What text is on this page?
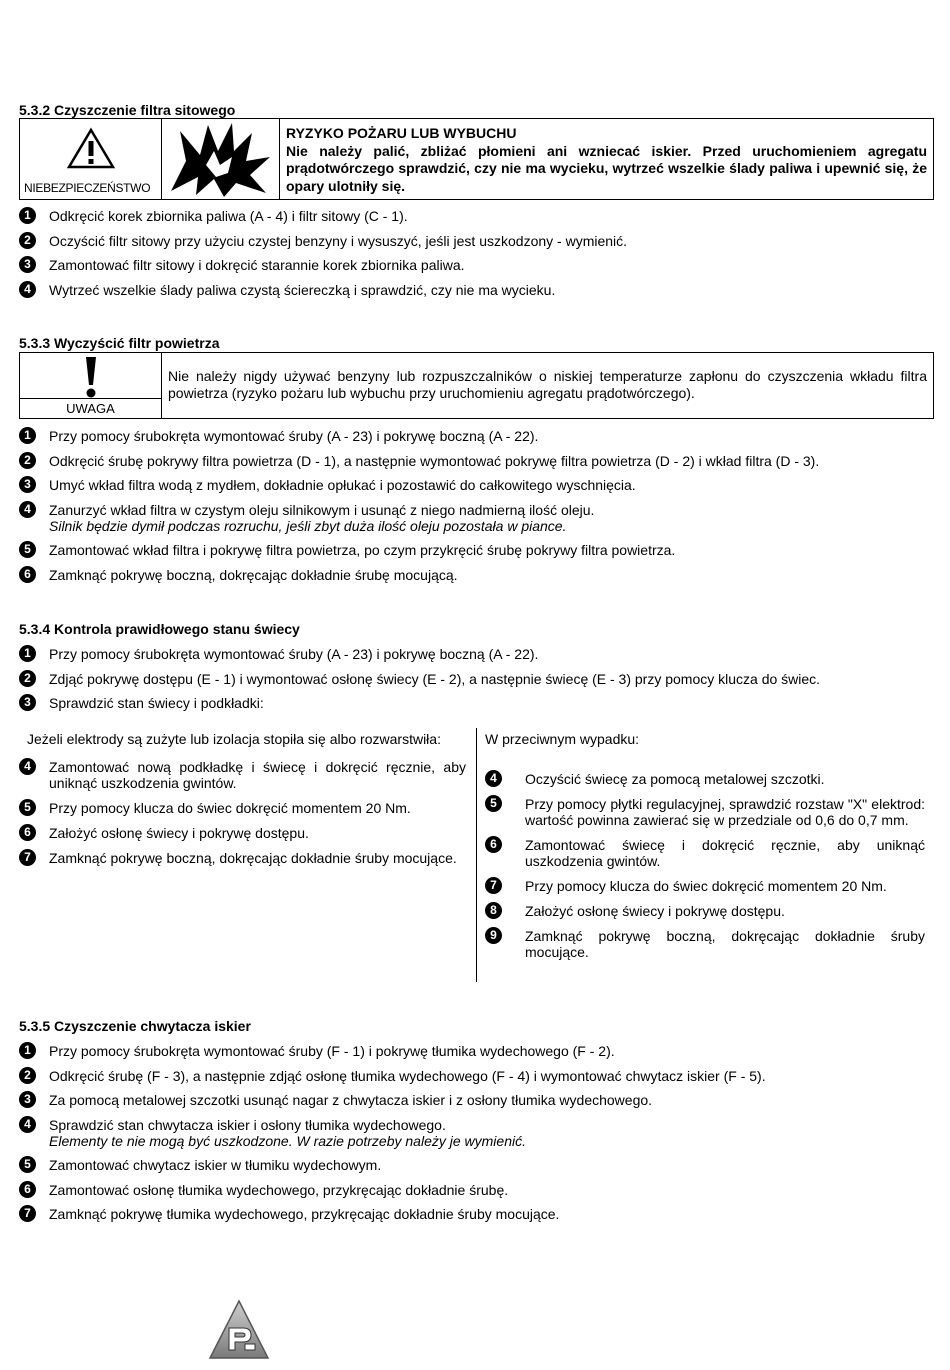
5.3.2 Czyszczenie filtra sitowego
NIEBEZPIECZEŃSTWO
RYZYKO POŻARU LUB WYBUCHU
Nie należy palić, zbliżać płomieni ani wzniecać iskier. Przed uruchomieniem agregatu prądotwórczego sprawdzić, czy nie ma wycieku, wytrzeć wszelkie ślady paliwa i upewnić się, że opary ulotniły się.
1	Odkręcić korek zbiornika paliwa (A - 4) i filtr sitowy (C - 1).
2	Oczyścić filtr sitowy przy użyciu czystej benzyny i wysuszyć, jeśli jest uszkodzony - wymienić.
3	Zamontować filtr sitowy i dokręcić starannie korek zbiornika paliwa.
4	Wytrzeć wszelkie ślady paliwa czystą ściereczką i sprawdzić, czy nie ma wycieku.
5.3.3 Wyczyścić filtr powietrza
UWAGA
Nie należy nigdy używać benzyny lub rozpuszczalników o niskiej temperaturze zapłonu do czyszczenia wkładu filtra powietrza (ryzyko pożaru lub wybuchu przy uruchomieniu agregatu prądotwórczego).
1	Przy pomocy śrubokręta wymontować śruby (A - 23) i pokrywę boczną (A - 22).
2	Odkręcić śrubę pokrywy filtra powietrza (D - 1), a następnie wymontować pokrywę filtra powietrza (D - 2) i wkład filtra (D - 3).
3	Umyć wkład filtra wodą z mydłem, dokładnie opłukać i pozostawić do całkowitego wyschnięcia.
4	Zanurzyć wkład filtra w czystym oleju silnikowym i usunąć z niego nadmierną ilość oleju.
Silnik będzie dymił podczas rozruchu, jeśli zbyt duża ilość oleju pozostała w piance.
5	Zamontować wkład filtra i pokrywę filtra powietrza, po czym przykręcić śrubę pokrywy filtra powietrza.
6	Zamknąć pokrywę boczną, dokręcając dokładnie śrubę mocującą.
5.3.4 Kontrola prawidłowego stanu świecy
1	Przy pomocy śrubokręta wymontować śruby (A - 23) i pokrywę boczną (A - 22).
2	Zdjąć pokrywę dostępu (E - 1) i wymontować osłonę świecy (E - 2), a następnie świecę (E - 3) przy pomocy klucza do świec.
3	Sprawdzić stan świecy i podkładki:

Jeżeli elektrody są zużyte lub izolacja stopiła się albo rozwarstwiła:

4	Zamontować nową podkładkę i świecę i dokręcić ręcznie, aby uniknąć uszkodzenia gwintów.
5	Przy pomocy klucza do świec dokręcić momentem 20 Nm.
6	Założyć osłonę świecy i pokrywę dostępu.
7	Zamknąć pokrywę boczną, dokręcając dokładnie śruby mocujące.

W przeciwnym wypadku:

4	Oczyścić świecę za pomocą metalowej szczotki.
5	Przy pomocy płytki regulacyjnej, sprawdzić rozstaw "X" elektrod: wartość powinna zawierać się w przedziale od 0,6 do 0,7 mm.
6	Zamontować świecę i dokręcić ręcznie, aby uniknąć uszkodzenia gwintów.
7	Przy pomocy klucza do świec dokręcić momentem 20 Nm.
8	Założyć osłonę świecy i pokrywę dostępu.
9	Zamknąć pokrywę boczną, dokręcając dokładnie śruby mocujące.
5.3.5 Czyszczenie chwytacza iskier
1	Przy pomocy śrubokręta wymontować śruby (F - 1) i pokrywę tłumika wydechowego (F - 2).
2	Odkręcić śrubę (F - 3), a następnie zdjąć osłonę tłumika wydechowego (F - 4) i wymontować chwytacz iskier (F - 5).
3	Za pomocą metalowej szczotki usunąć nagar z chwytacza iskier i z osłony tłumika wydechowego.
4	Sprawdzić stan chwytacza iskier i osłony tłumika wydechowego.
Elementy te nie mogą być uszkodzone. W razie potrzeby należy je wymienić.
5	Zamontować chwytacz iskier w tłumiku wydechowym.
6	Zamontować osłonę tłumika wydechowego, przykręcając dokładnie śrubę.
7	Zamknąć pokrywę tłumika wydechowego, przykręcając dokładnie śruby mocujące.
